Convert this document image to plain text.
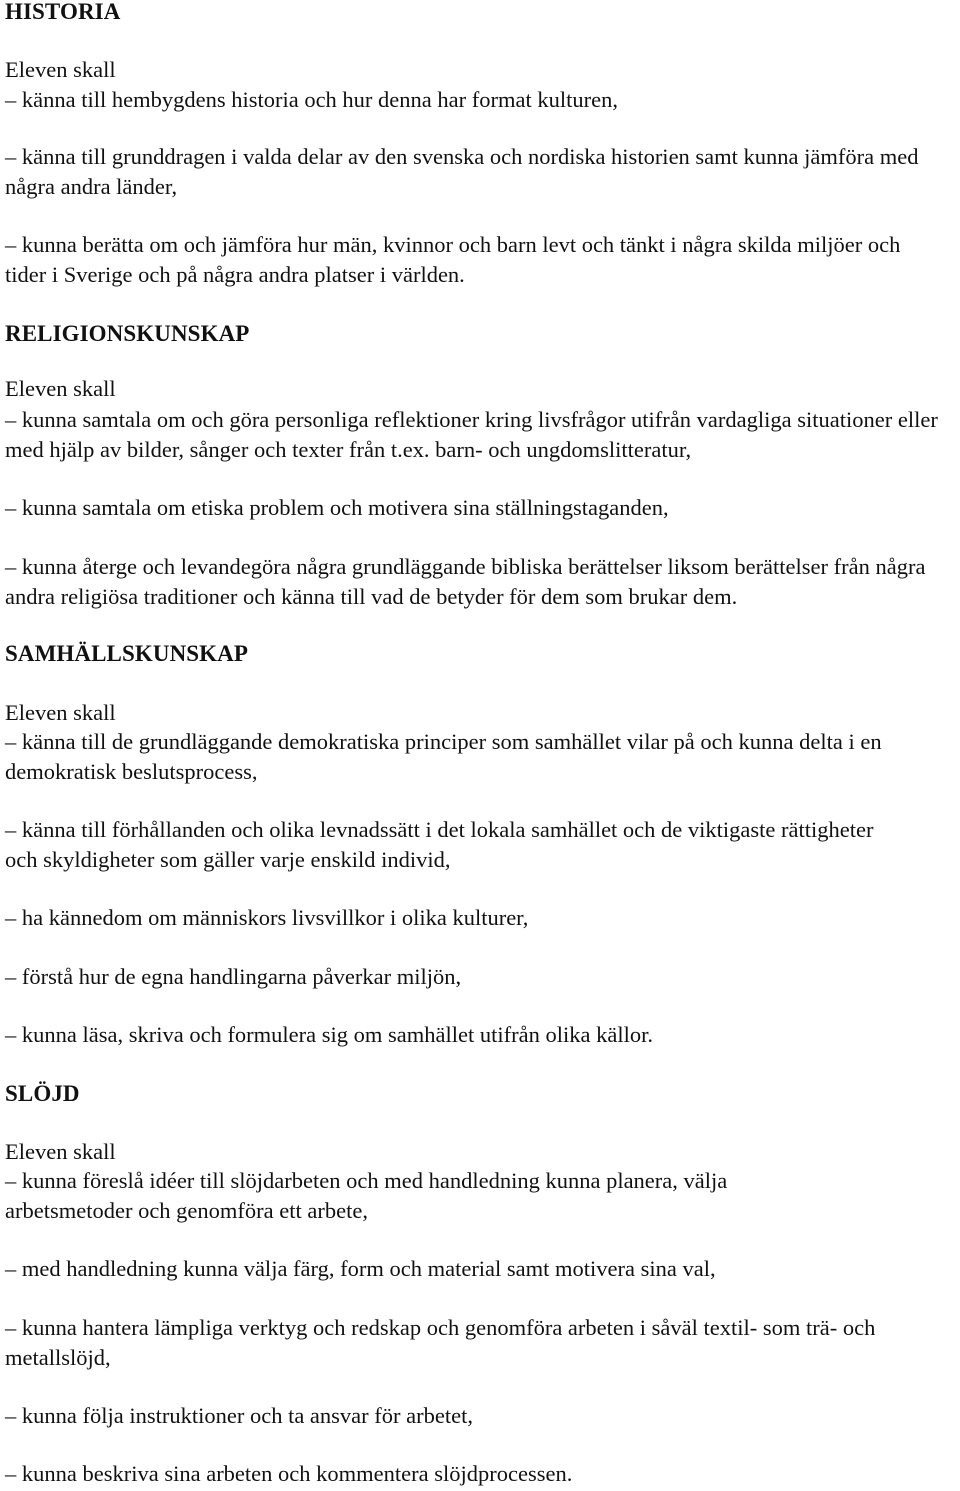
HISTORIA

Eleven skall

– känna till hembygdens historia och hur denna har format kulturen,

– känna till grunddragen i valda delar av den svenska och nordiska historien samt kunna jämföra med några andra länder,

– kunna berätta om och jämföra hur män, kvinnor och barn levt och tänkt i några skilda miljöer och tider i Sverige och på några andra platser i världen.

RELIGIONSKUNSKAP

Eleven skall

– kunna samtala om och göra personliga reflektioner kring livsfrågor utifrån vardagliga situationer eller med hjälp av bilder, sånger och texter från t.ex. barn- och ungdomslitteratur,

– kunna samtala om etiska problem och motivera sina ställningstaganden,

– kunna återge och levandegöra några grundläggande bibliska berättelser liksom berättelser från några andra religiösa traditioner och känna till vad de betyder för dem som brukar dem.

SAMHÄLLSKUNSKAP

Eleven skall

– känna till de grundläggande demokratiska principer som samhället vilar på och kunna delta i en demokratisk beslutsprocess,

– känna till förhållanden och olika levnadssätt i det lokala samhället och de viktigaste rättigheter och skyldigheter som gäller varje enskild individ,

– ha kännedom om människors livsvillkor i olika kulturer,

– förstå hur de egna handlingarna påverkar miljön,

– kunna läsa, skriva och formulera sig om samhället utifrån olika källor.

SLÖJD

Eleven skall

– kunna föreslå idéer till slöjdarbeten och med handledning kunna planera, välja arbetsmetoder och genomföra ett arbete,

– med handledning kunna välja färg, form och material samt motivera sina val,

– kunna hantera lämpliga verktyg och redskap och genomföra arbeten i såväl textil- som trä- och metallslöjd,

– kunna följa instruktioner och ta ansvar för arbetet,

– kunna beskriva sina arbeten och kommentera slöjdprocessen.
